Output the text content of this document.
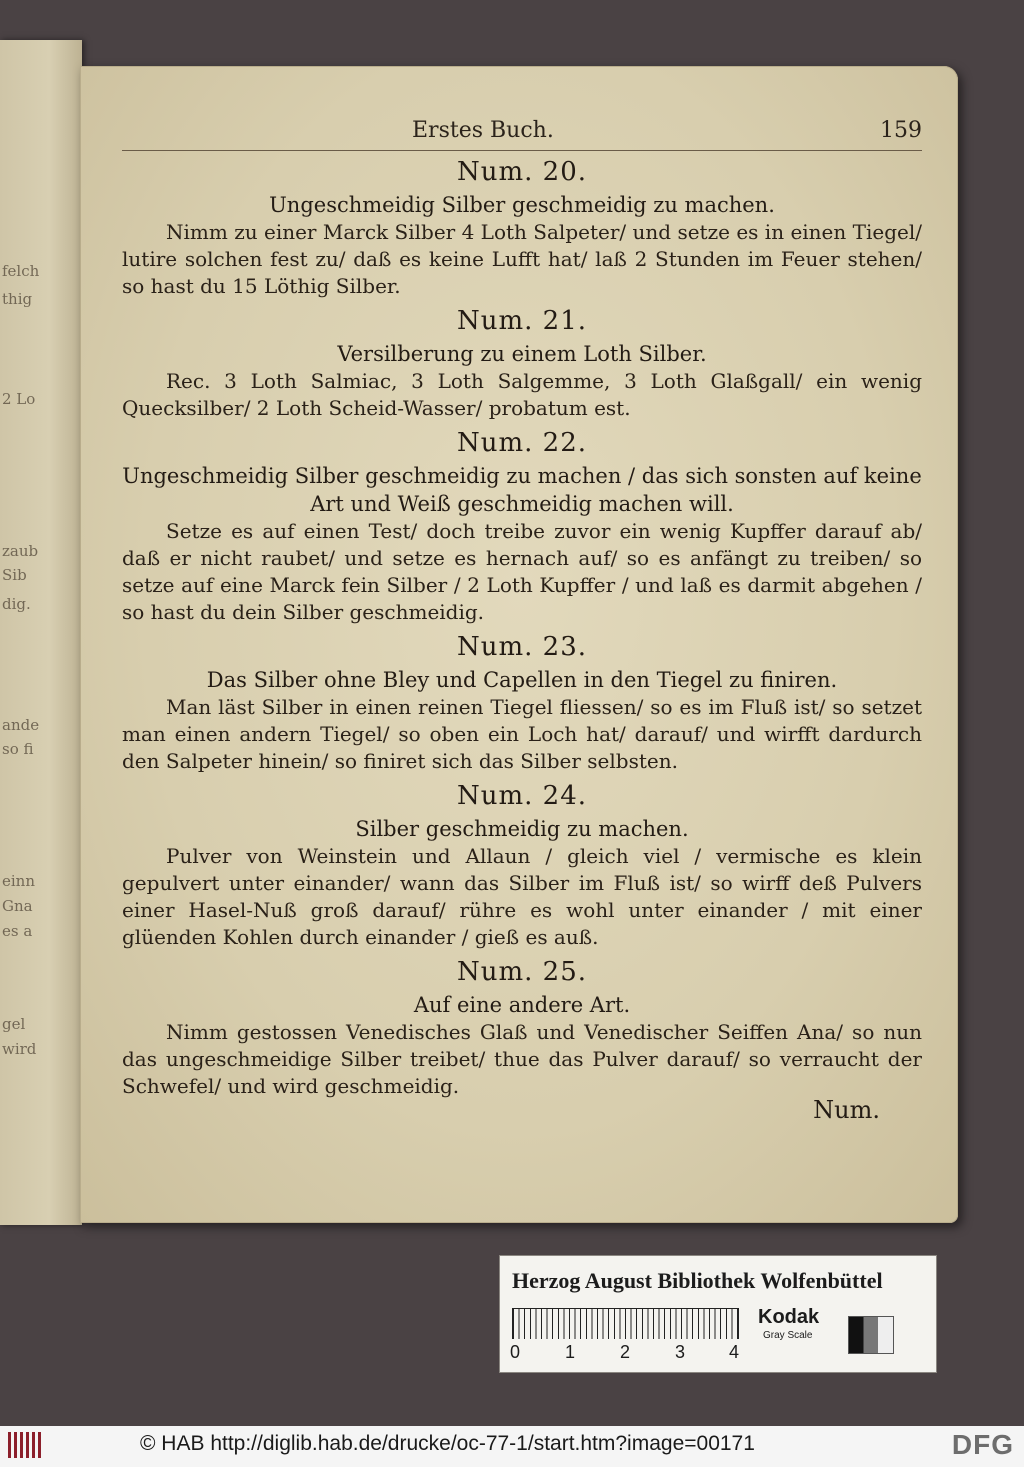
felch
thig
2 Lo
zaub
Sib
dig.
ande
so fi
einn
Gna
es a
gel
wird
Erstes Buch.	159
Num. 20.
Ungeschmeidig Silber geschmeidig zu machen.
Nimm zu einer Marck Silber 4 Loth Salpeter/ und setze es in einen Tiegel/ lutire solchen fest zu/ daß es keine Lufft hat/ laß 2 Stunden im Feuer stehen/ so hast du 15 Löthig Silber.
Num. 21.
Versilberung zu einem Loth Silber.
Rec. 3 Loth Salmiac, 3 Loth Salgemme, 3 Loth Glaßgall/ ein wenig Quecksilber/ 2 Loth Scheid-Wasser/ probatum est.
Num. 22.
Ungeschmeidig Silber geschmeidig zu machen / das sich sonsten auf keine Art und Weiß geschmeidig machen will.
Setze es auf einen Test/ doch treibe zuvor ein wenig Kupffer darauf ab/ daß er nicht raubet/ und setze es hernach auf/ so es anfängt zu treiben/ so setze auf eine Marck fein Silber / 2 Loth Kupffer / und laß es darmit abgehen / so hast du dein Silber geschmeidig.
Num. 23.
Das Silber ohne Bley und Capellen in den Tiegel zu finiren.
Man läst Silber in einen reinen Tiegel fliessen/ so es im Fluß ist/ so setzet man einen andern Tiegel/ so oben ein Loch hat/ darauf/ und wirfft dardurch den Salpeter hinein/ so finiret sich das Silber selbsten.
Num. 24.
Silber geschmeidig zu machen.
Pulver von Weinstein und Allaun / gleich viel / vermische es klein gepulvert unter einander/ wann das Silber im Fluß ist/ so wirff deß Pulvers einer Hasel-Nuß groß darauf/ rühre es wohl unter einander / mit einer glüenden Kohlen durch einander / gieß es auß.
Num. 25.
Auf eine andere Art.
Nimm gestossen Venedisches Glaß und Venedischer Seiffen Ana/ so nun das ungeschmeidige Silber treibet/ thue das Pulver darauf/ so verraucht der Schwefel/ und wird geschmeidig.
Num.
Herzog August Bibliothek Wolfenbüttel
0 1 2 3 4
Kodak
Gray Scale
© HAB http://diglib.hab.de/drucke/oc-77-1/start.htm?image=00171	DFG
